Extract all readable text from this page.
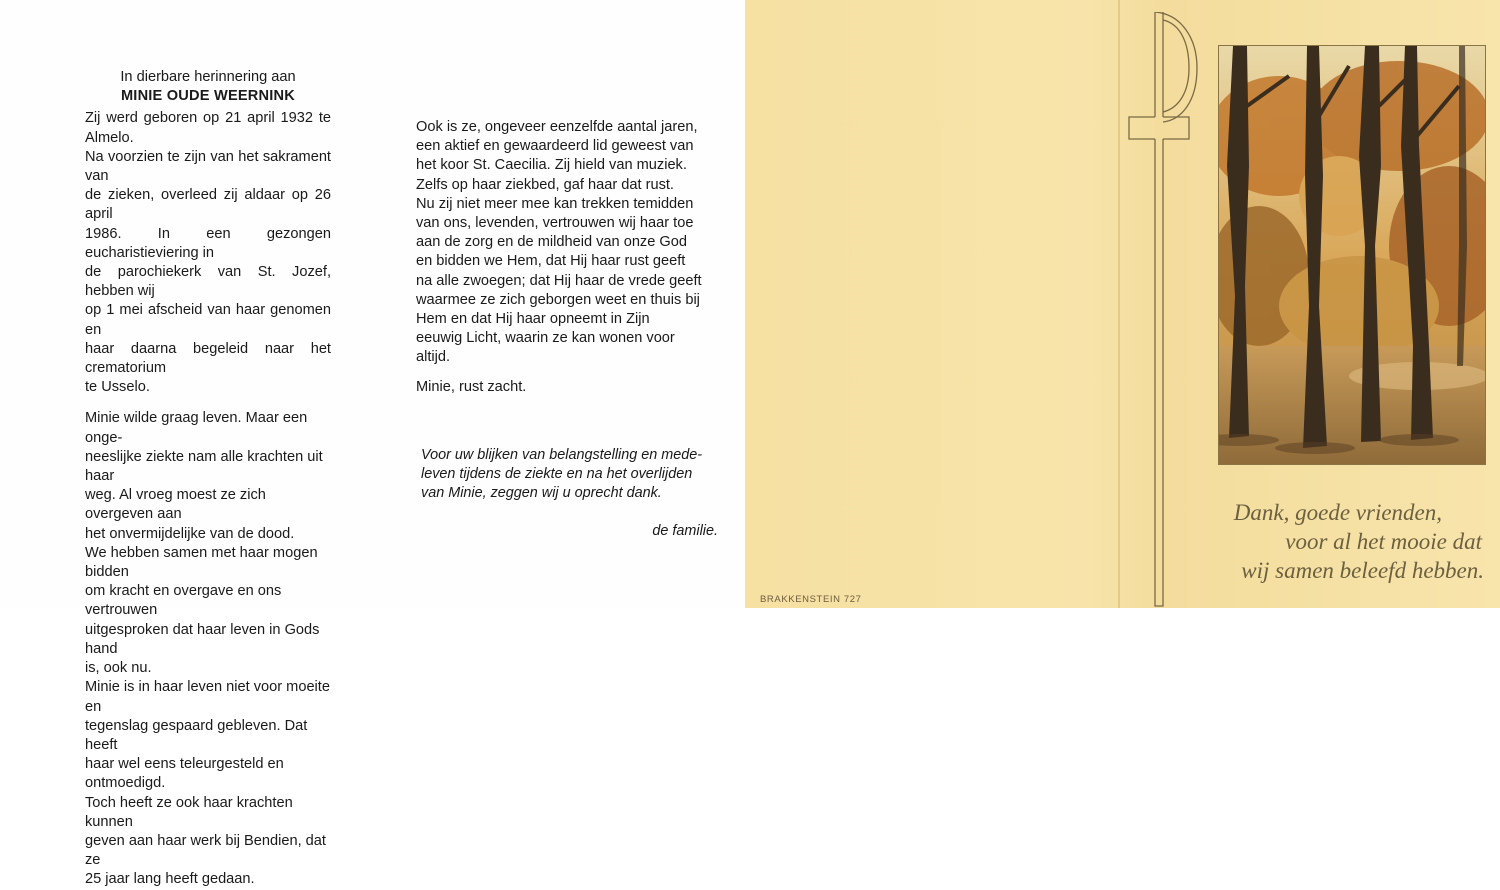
In dierbare herinnering aan

MINIE OUDE WEERNINK

Zij werd geboren op 21 april 1932 te Almelo.

Na voorzien te zijn van het sakrament van

de zieken, overleed zij aldaar op 26 april

1986. In een gezongen eucharistieviering in

de parochiekerk van St. Jozef, hebben wij

op 1 mei afscheid van haar genomen en

haar daarna begeleid naar het crematorium

te Usselo.

Minie wilde graag leven. Maar een onge-

neeslijke ziekte nam alle krachten uit haar

weg. Al vroeg moest ze zich overgeven aan

het onvermijdelijke van de dood.

We hebben samen met haar mogen bidden

om kracht en overgave en ons vertrouwen

uitgesproken dat haar leven in Gods hand

is, ook nu.

Minie is in haar leven niet voor moeite en

tegenslag gespaard gebleven. Dat heeft

haar wel eens teleurgesteld en ontmoedigd.

Toch heeft ze ook haar krachten kunnen

geven aan haar werk bij Bendien, dat ze

25 jaar lang heeft gedaan.

Ook is ze, ongeveer eenzelfde aantal jaren,

een aktief en gewaardeerd lid geweest van

het koor St. Caecilia. Zij hield van muziek.

Zelfs op haar ziekbed, gaf haar dat rust.

Nu zij niet meer mee kan trekken temidden

van ons, levenden, vertrouwen wij haar toe

aan de zorg en de mildheid van onze God

en bidden we Hem, dat Hij haar rust geeft

na alle zwoegen; dat Hij haar de vrede geeft

waarmee ze zich geborgen weet en thuis bij

Hem en dat Hij haar opneemt in Zijn

eeuwig Licht, waarin ze kan wonen voor

altijd.

Minie, rust zacht.

Voor uw blijken van belangstelling en mede-
leven tijdens de ziekte en na het overlijden
van Minie, zeggen wij u oprecht dank.
de familie.
BRAKKENSTEIN 727
Dank, goede vrienden,
voor al het mooie dat
wij samen beleefd hebben.
